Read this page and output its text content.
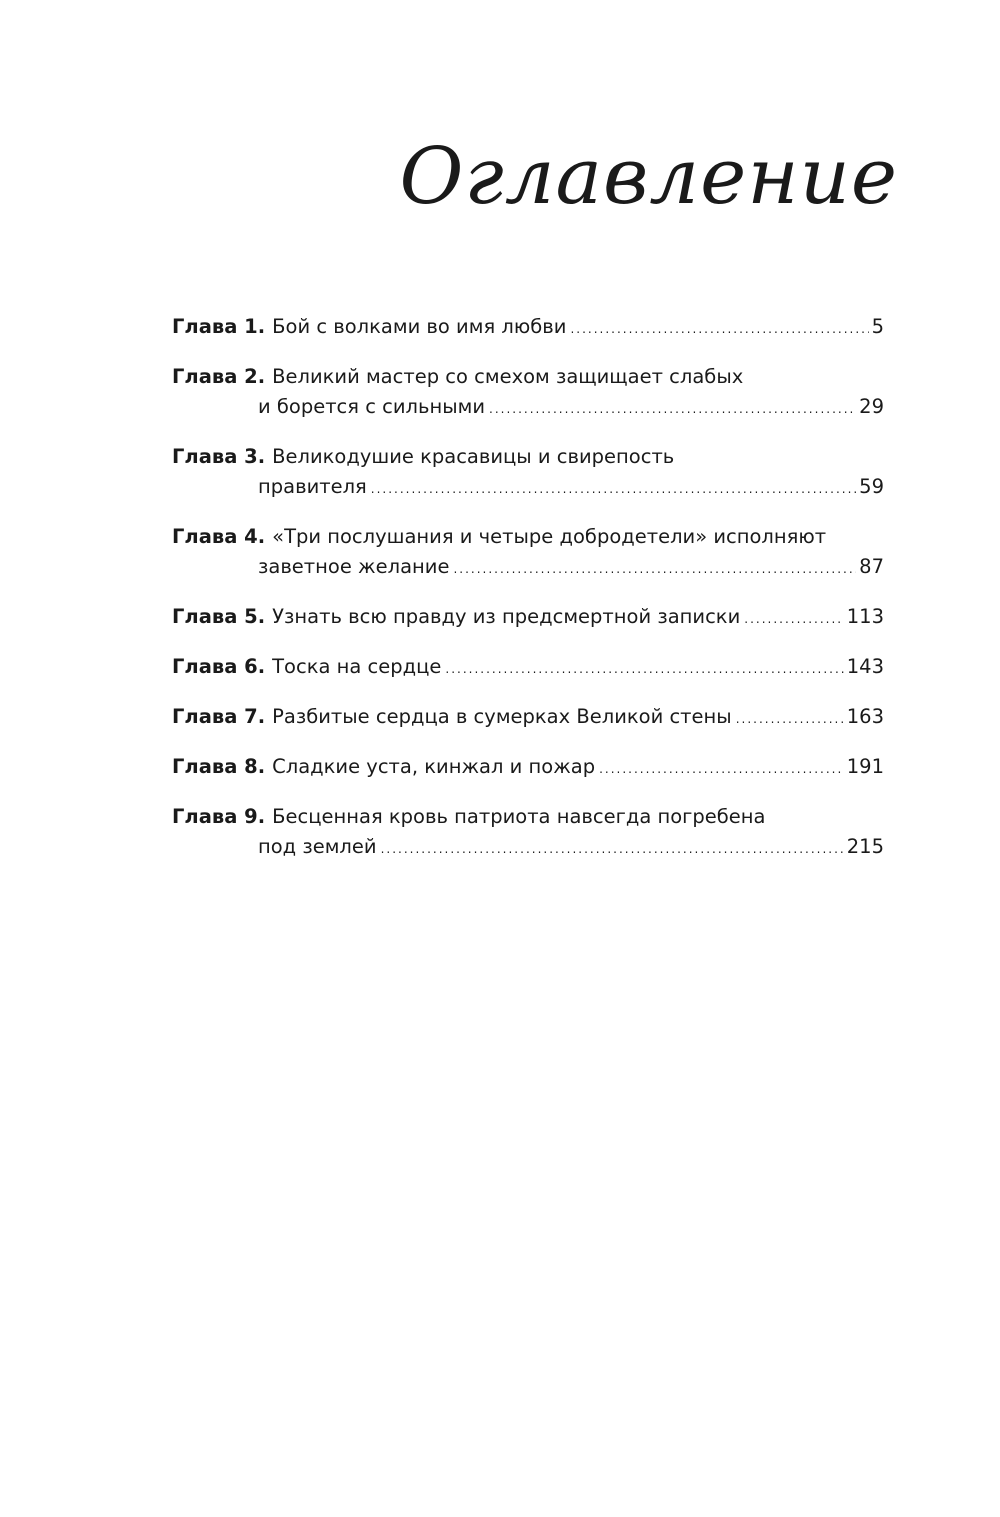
Оглавление
Глава 1. Бой с волками во имя любви .....	5
Глава 2. Великий мастер со смехом защищает слабых
и борется с сильными .....	29
Глава 3. Великодушие красавицы и свирепость
правителя .....	59
Глава 4. «Три послушания и четыре добродетели» исполняют
заветное желание .....	87
Глава 5. Узнать всю правду из предсмертной записки .....	113
Глава 6. Тоска на сердце .....	143
Глава 7. Разбитые сердца в сумерках Великой стены .....	163
Глава 8. Сладкие уста, кинжал и пожар .....	191
Глава 9. Бесценная кровь патриота навсегда погребена
под землей .....	215
